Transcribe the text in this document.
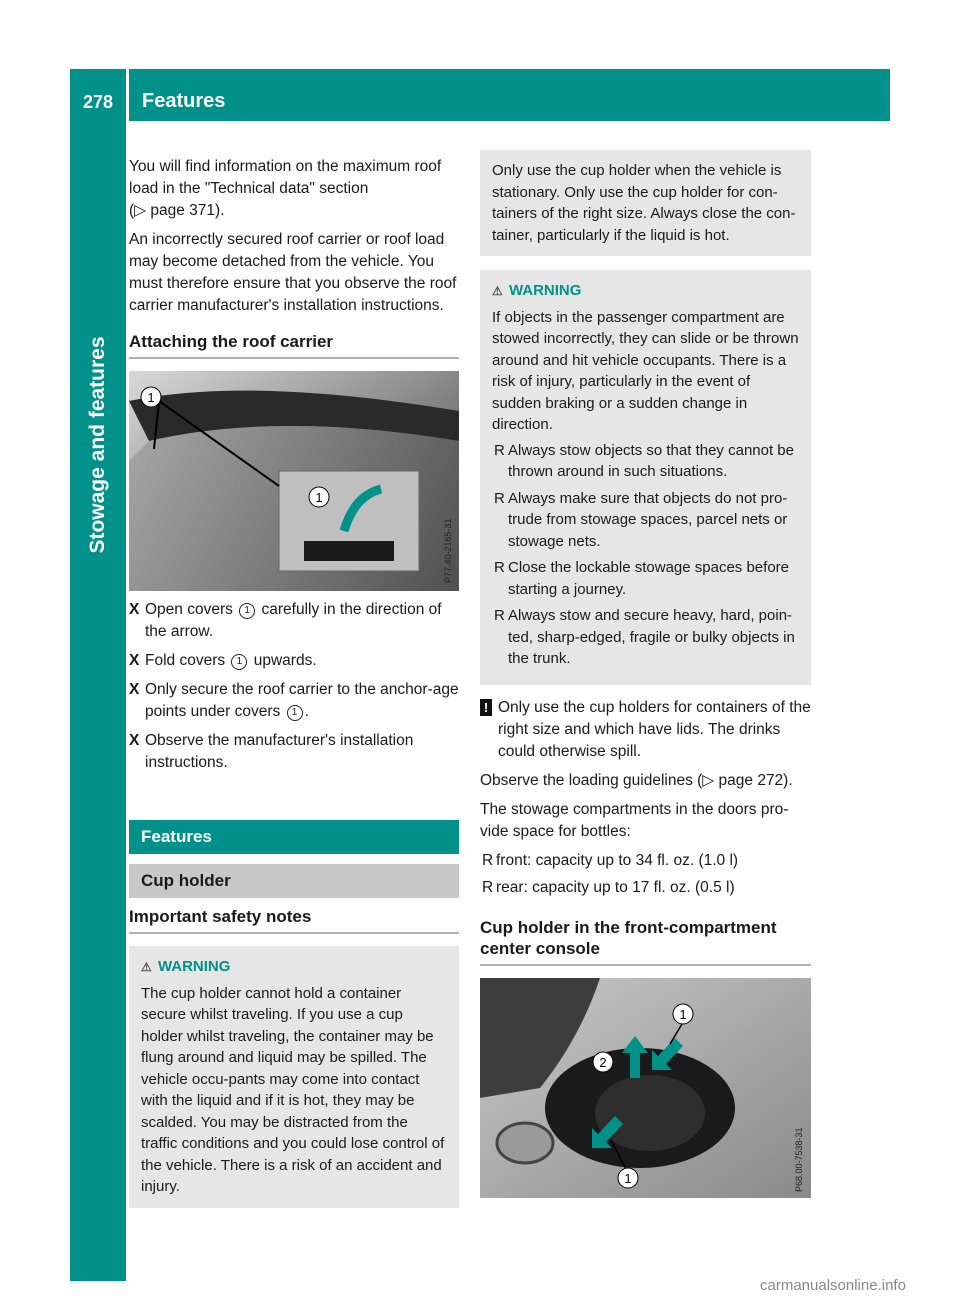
278	Features
Stowage and features

You will find information on the maximum roof load in the "Technical data" section

(▷ page 371).

An incorrectly secured roof carrier or roof load may become detached from the vehicle. You must therefore ensure that you observe the roof carrier manufacturer's installation instructions.

Attaching the roof carrier
1
1
P77.40-2165-31
X Open covers 1 carefully in the direction of the arrow.
X Fold covers 1 upwards.
X Only secure the roof carrier to the anchor-age points under covers 1 .
X Observe the manufacturer's installation instructions.
Features
Cup holder
Important safety notes
⚠ WARNING
The cup holder cannot hold a container secure whilst traveling. If you use a cup holder whilst traveling, the container may be flung around and liquid may be spilled. The vehicle occu-pants may come into contact with the liquid and if it is hot, they may be scalded. You may be distracted from the traffic conditions and you could lose control of the vehicle. There is a risk of an accident and injury.
Only use the cup holder when the vehicle is stationary. Only use the cup holder for con-tainers of the right size. Always close the con-tainer, particularly if the liquid is hot.
⚠ WARNING
If objects in the passenger compartment are stowed incorrectly, they can slide or be thrown around and hit vehicle occupants. There is a risk of injury, particularly in the event of sudden braking or a sudden change in direction.
R Always stow objects so that they cannot be thrown around in such situations.
R Always make sure that objects do not pro-trude from stowage spaces, parcel nets or stowage nets.
R Close the lockable stowage spaces before starting a journey.
R Always stow and secure heavy, hard, poin-ted, sharp-edged, fragile or bulky objects in the trunk.
! Only use the cup holders for containers of the right size and which have lids. The drinks could otherwise spill.

Observe the loading guidelines (▷ page 272).

The stowage compartments in the doors pro-vide space for bottles:

R front: capacity up to 34 fl. oz. (1.0 l)
R rear: capacity up to 17 fl. oz. (0.5 l)
Cup holder in the front-compartment center console
1
2
1	P68.00-7538-31
carmanualsonline.info
